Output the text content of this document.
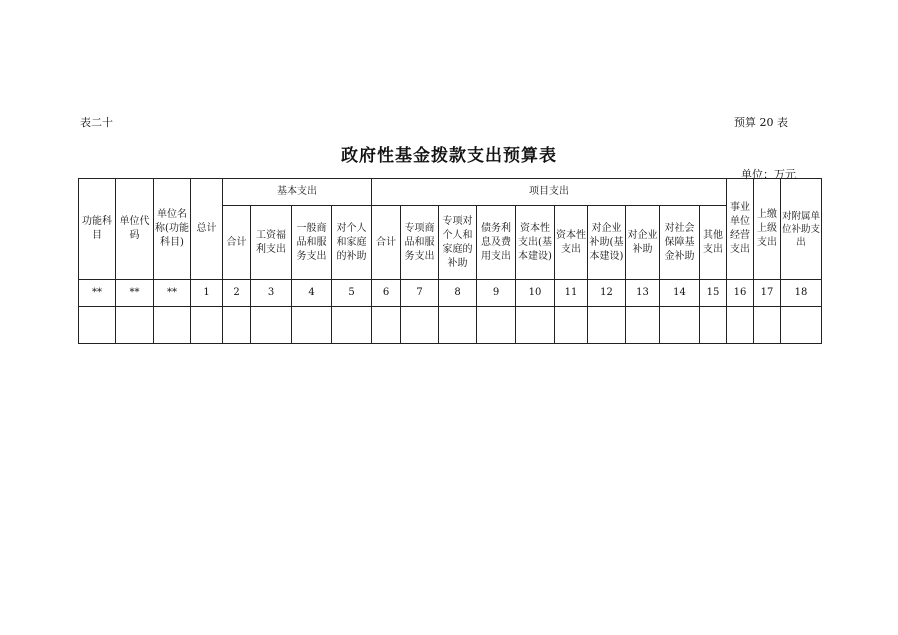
表二十	预算 20 表
政府性基金拨款支出预算表
单位：万元
功能科目	单位代码	单位名称(功能科目)	总计	基本支出				项目支出										事业单位经营支出	上缴上级支出	对附属单位补助支出
				合计	工资福利支出	一般商品和服务支出	对个人和家庭的补助	合计	专项商品和服务支出	专项对个人和家庭的补助	债务利息及费用支出	资本性支出(基本建设)	资本性支出	对企业补助(基本建设)	对企业补助	对社会保障基金补助	其他支出			
**	**	**	1	2	3	4	5	6	7	8	9	10	11	12	13	14	15	16	17	18
